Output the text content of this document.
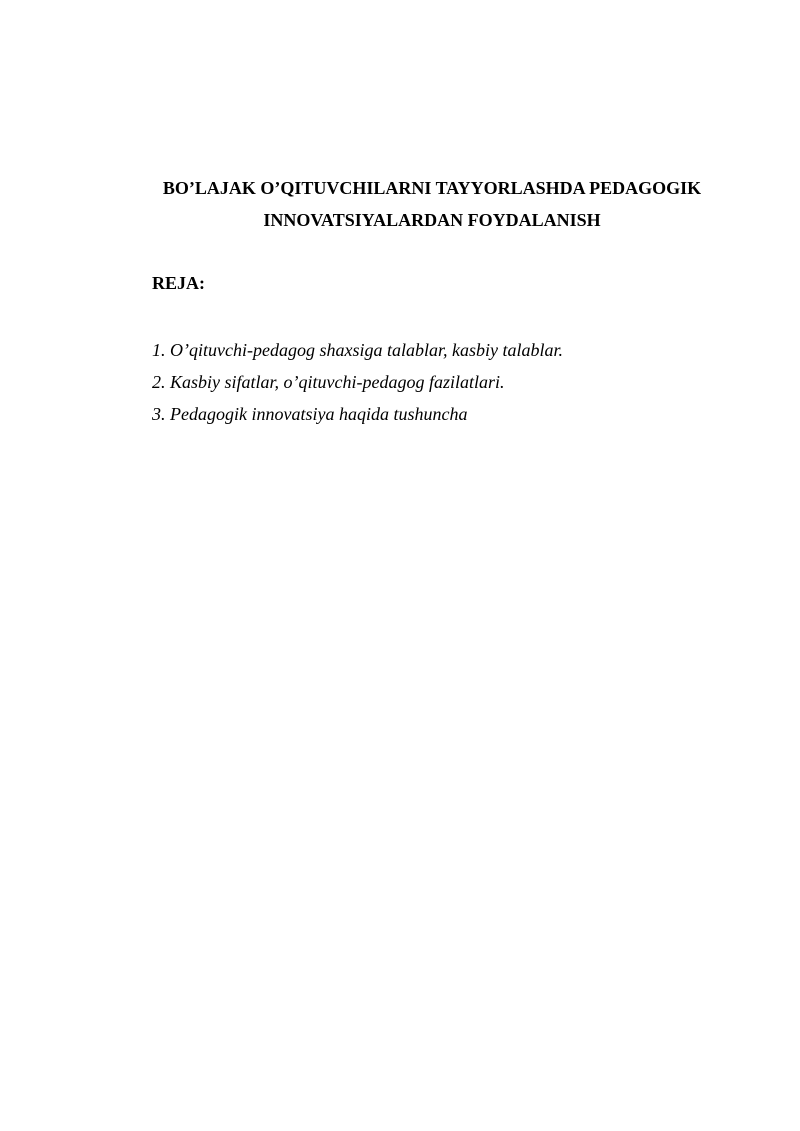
BO’LAJAK O’QITUVCHILARNI TAYYORLASHDA PEDAGOGIK
INNOVATSIYALARDAN FOYDALANISH

REJA:

1. O’qituvchi-pedagog shaxsiga talablar, kasbiy talablar.
2. Kasbiy sifatlar, o’qituvchi-pedagog fazilatlari.
3. Pedagogik innovatsiya haqida tushuncha
